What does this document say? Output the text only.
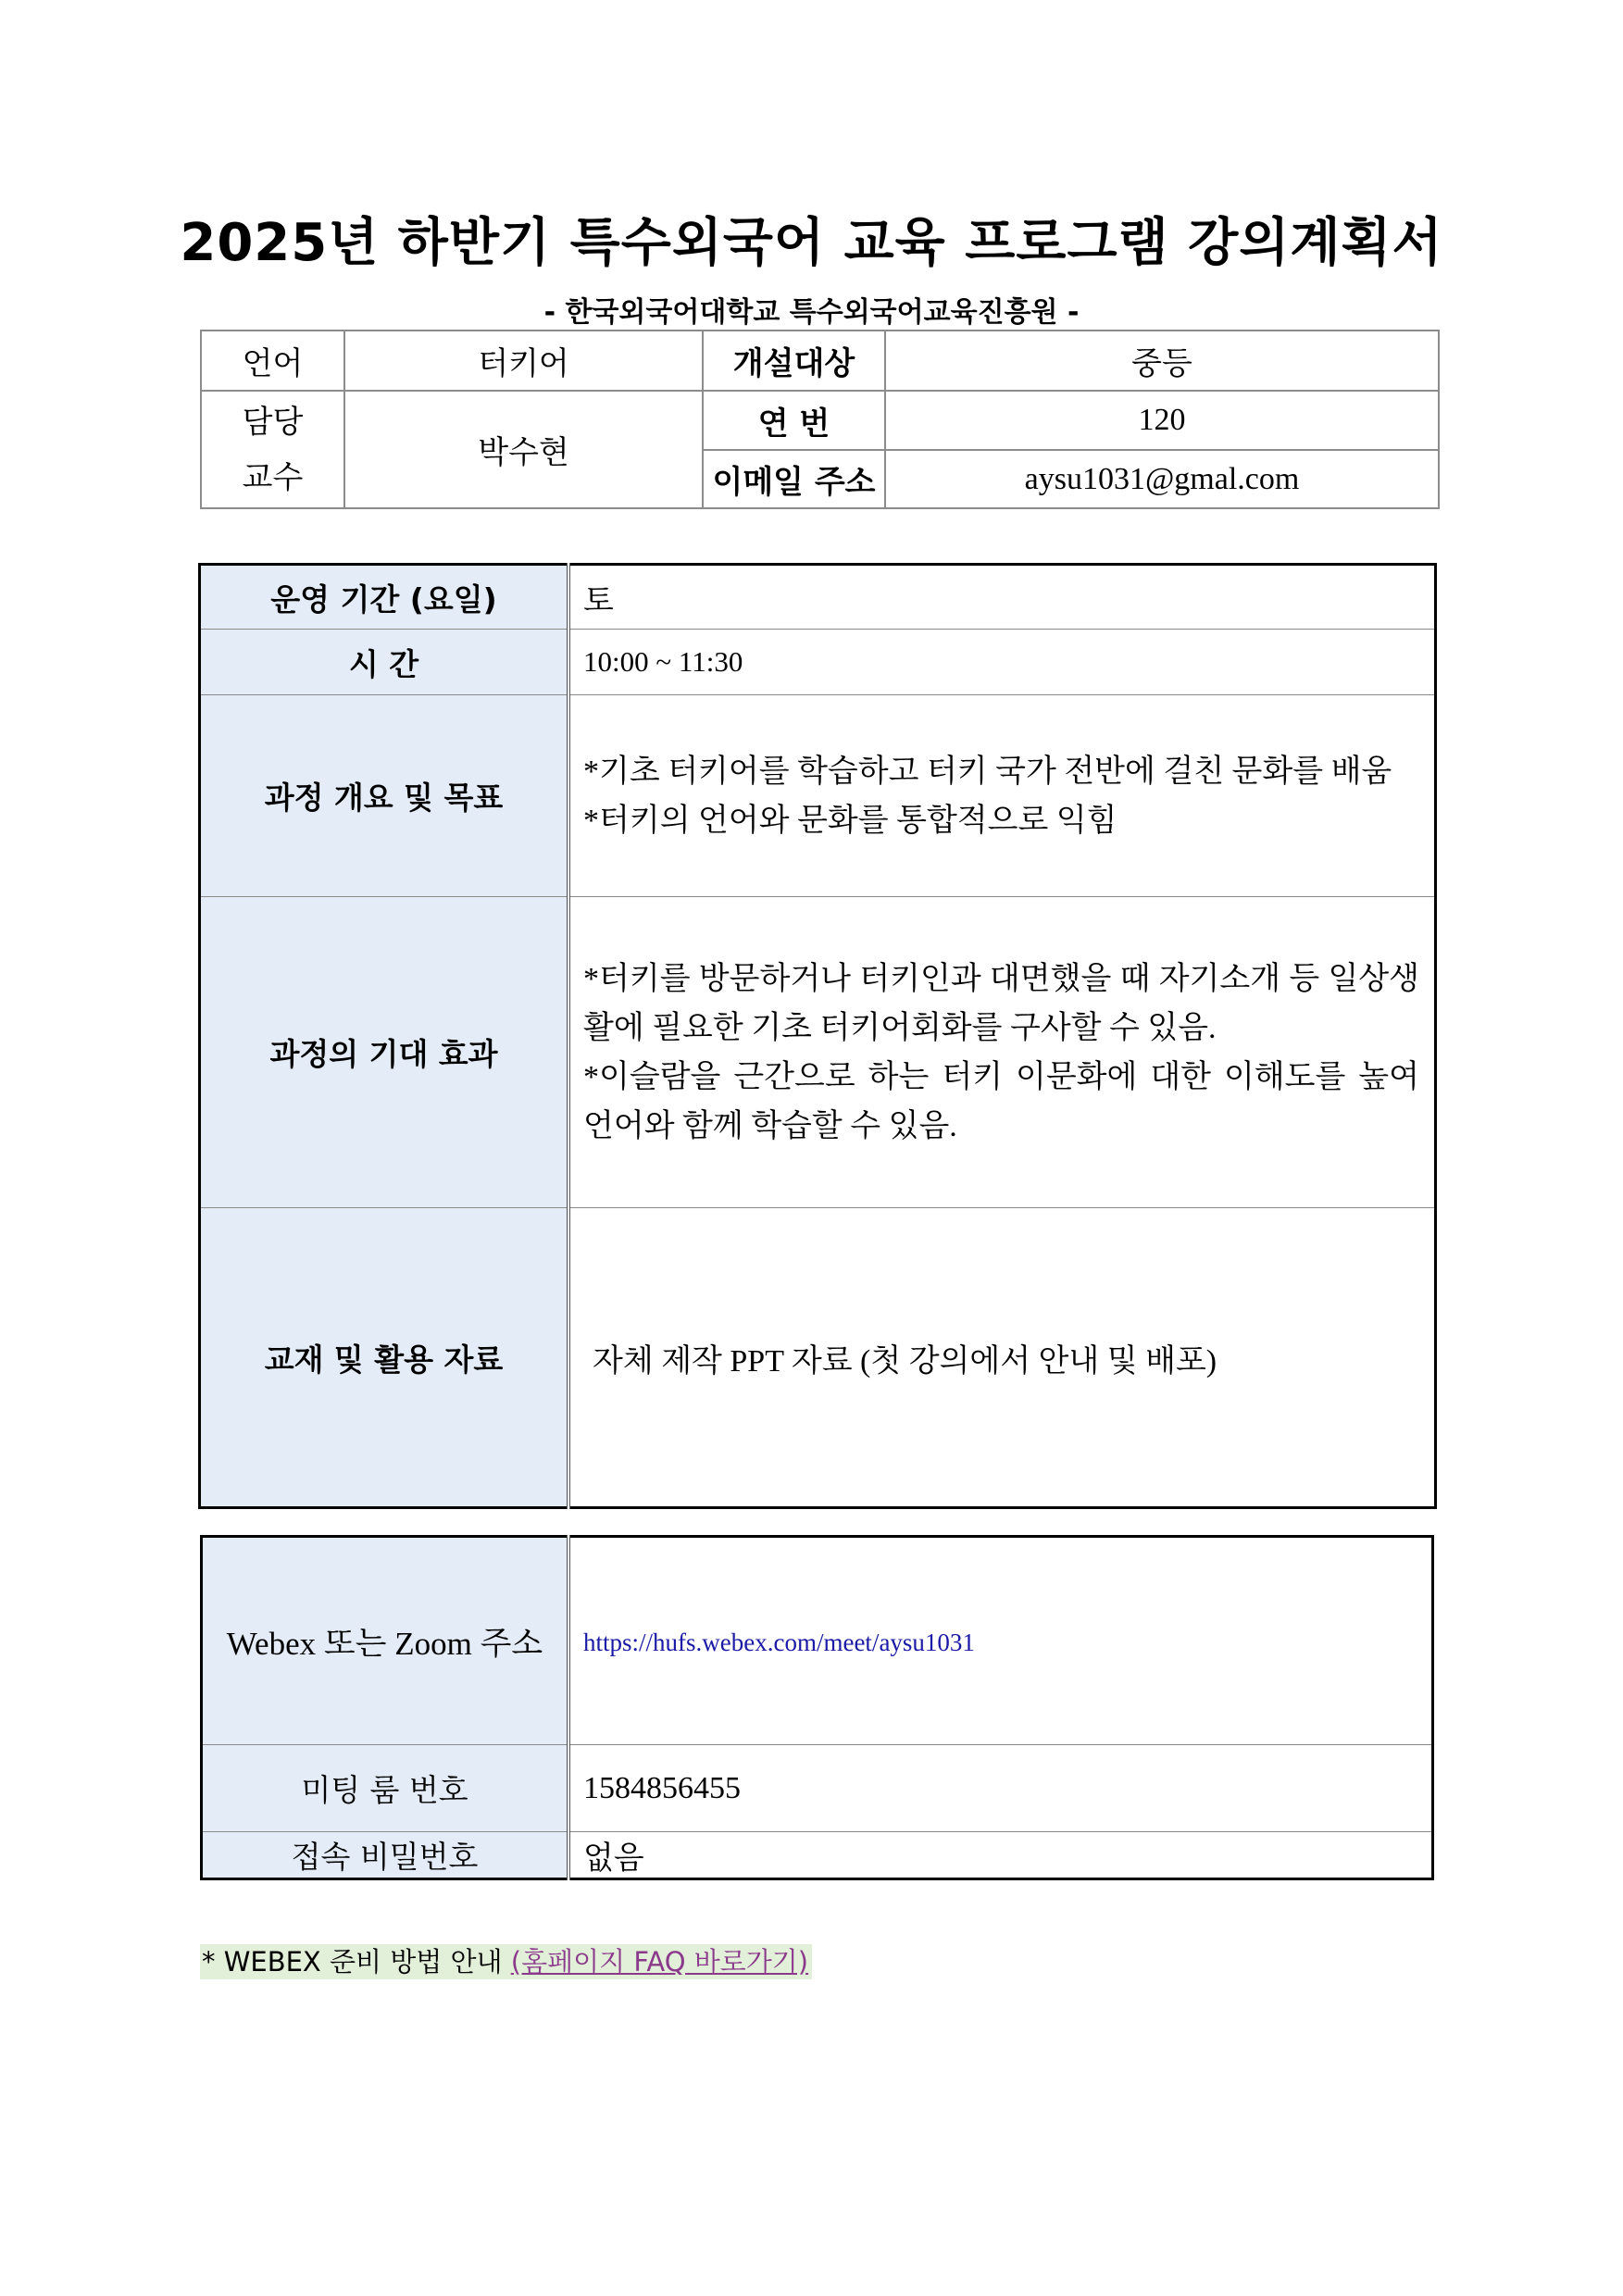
2025년 하반기 특수외국어 교육 프로그램 강의계획서
- 한국외국어대학교 특수외국어교육진흥원 -
언어	터키어	개설대상	중등

담당
교수	박수현	연 번	120
		이메일 주소	aysu1031@gmal.com
운영 기간 (요일)	토
시 간	10:00 ~ 11:30
과정 개요 및 목표	*기초 터키어를 학습하고 터키 국가 전반에 걸친 문화를 배움

*터키의 언어와 문화를 통합적으로 익힘

과정의 기대 효과	*터키를 방문하거나 터키인과 대면했을 때 자기소개 등 일상생활에 필요한 기초 터키어회화를 구사할 수 있음.

*이슬람을 근간으로 하는 터키 이문화에 대한 이해도를 높여 언어와 함께 학습할 수 있음.

교재 및 활용 자료	자체 제작 PPT 자료 (첫 강의에서 안내 및 배포)
Webex 또는 Zoom 주소	https://hufs.webex.com/meet/aysu1031
미팅 룸 번호	1584856455
접속 비밀번호	없음
* WEBEX 준비 방법 안내 (홈페이지 FAQ 바로가기)
